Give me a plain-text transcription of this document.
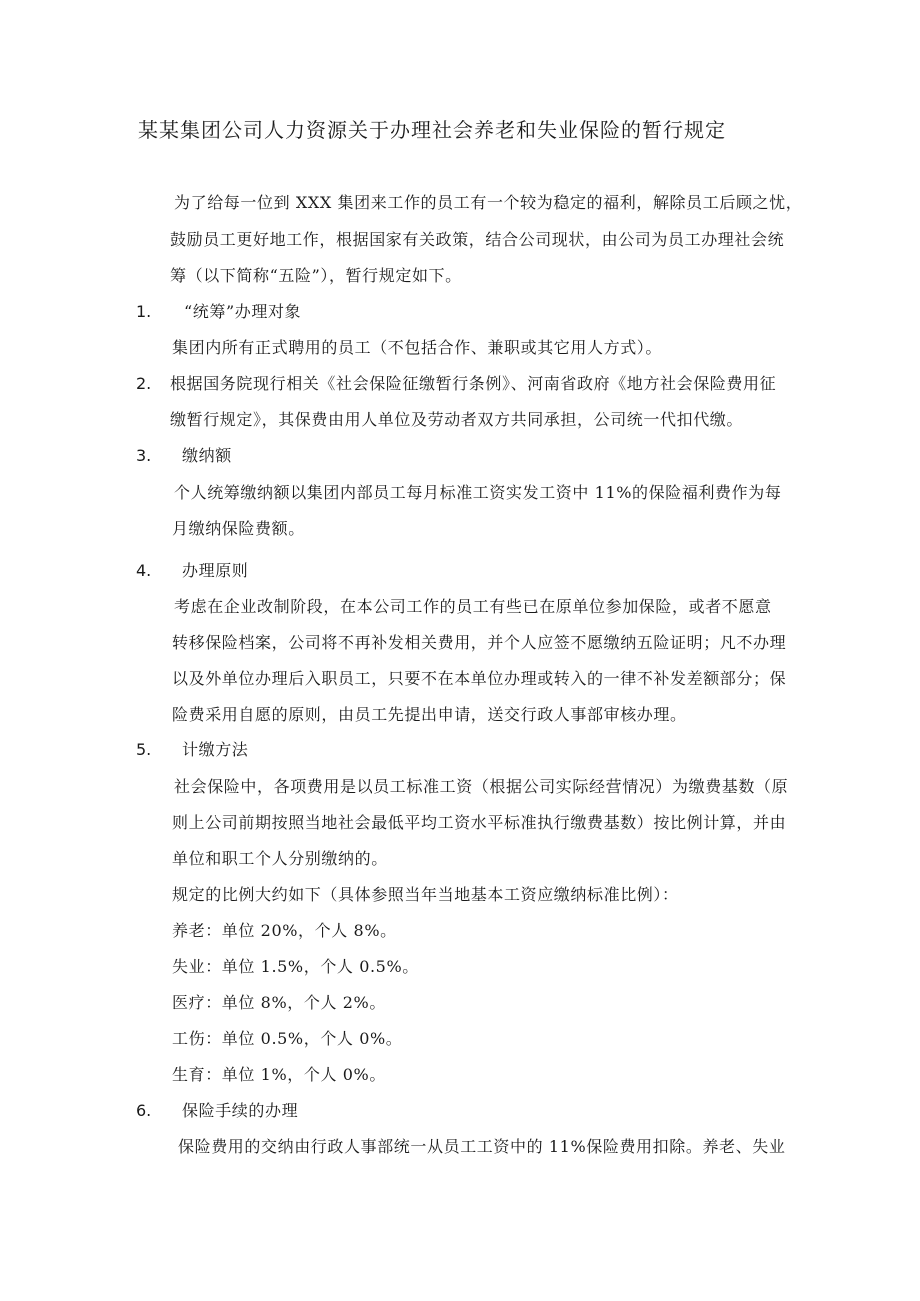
某某集团公司人力资源关于办理社会养老和失业保险的暂行规定
为了给每一位到 XXX 集团来工作的员工有一个较为稳定的福利，解除员工后顾之忧，
鼓励员工更好地工作，根据国家有关政策，结合公司现状，由公司为员工办理社会统
筹（以下简称“五险”），暂行规定如下。
1. “统筹”办理对象
集团内所有正式聘用的员工（不包括合作、兼职或其它用人方式）。
2. 根据国务院现行相关《社会保险征缴暂行条例》、河南省政府《地方社会保险费用征
缴暂行规定》，其保费由用人单位及劳动者双方共同承担，公司统一代扣代缴。
3. 缴纳额
个人统筹缴纳额以集团内部员工每月标准工资实发工资中 11%的保险福利费作为每
月缴纳保险费额。
4. 办理原则
考虑在企业改制阶段，在本公司工作的员工有些已在原单位参加保险，或者不愿意
转移保险档案，公司将不再补发相关费用，并个人应签不愿缴纳五险证明；凡不办理
以及外单位办理后入职员工，只要不在本单位办理或转入的一律不补发差额部分；保
险费采用自愿的原则，由员工先提出申请，送交行政人事部审核办理。
5. 计缴方法
社会保险中，各项费用是以员工标准工资（根据公司实际经营情况）为缴费基数（原
则上公司前期按照当地社会最低平均工资水平标准执行缴费基数）按比例计算，并由
单位和职工个人分别缴纳的。
规定的比例大约如下（具体参照当年当地基本工资应缴纳标准比例）：
养老：单位 20%，个人 8%。
失业：单位 1.5%，个人 0.5%。
医疗：单位 8%，个人 2%。
工伤：单位 0.5%，个人 0%。
生育：单位 1%，个人 0%。
6. 保险手续的办理
保险费用的交纳由行政人事部统一从员工工资中的 11%保险费用扣除。养老、失业
